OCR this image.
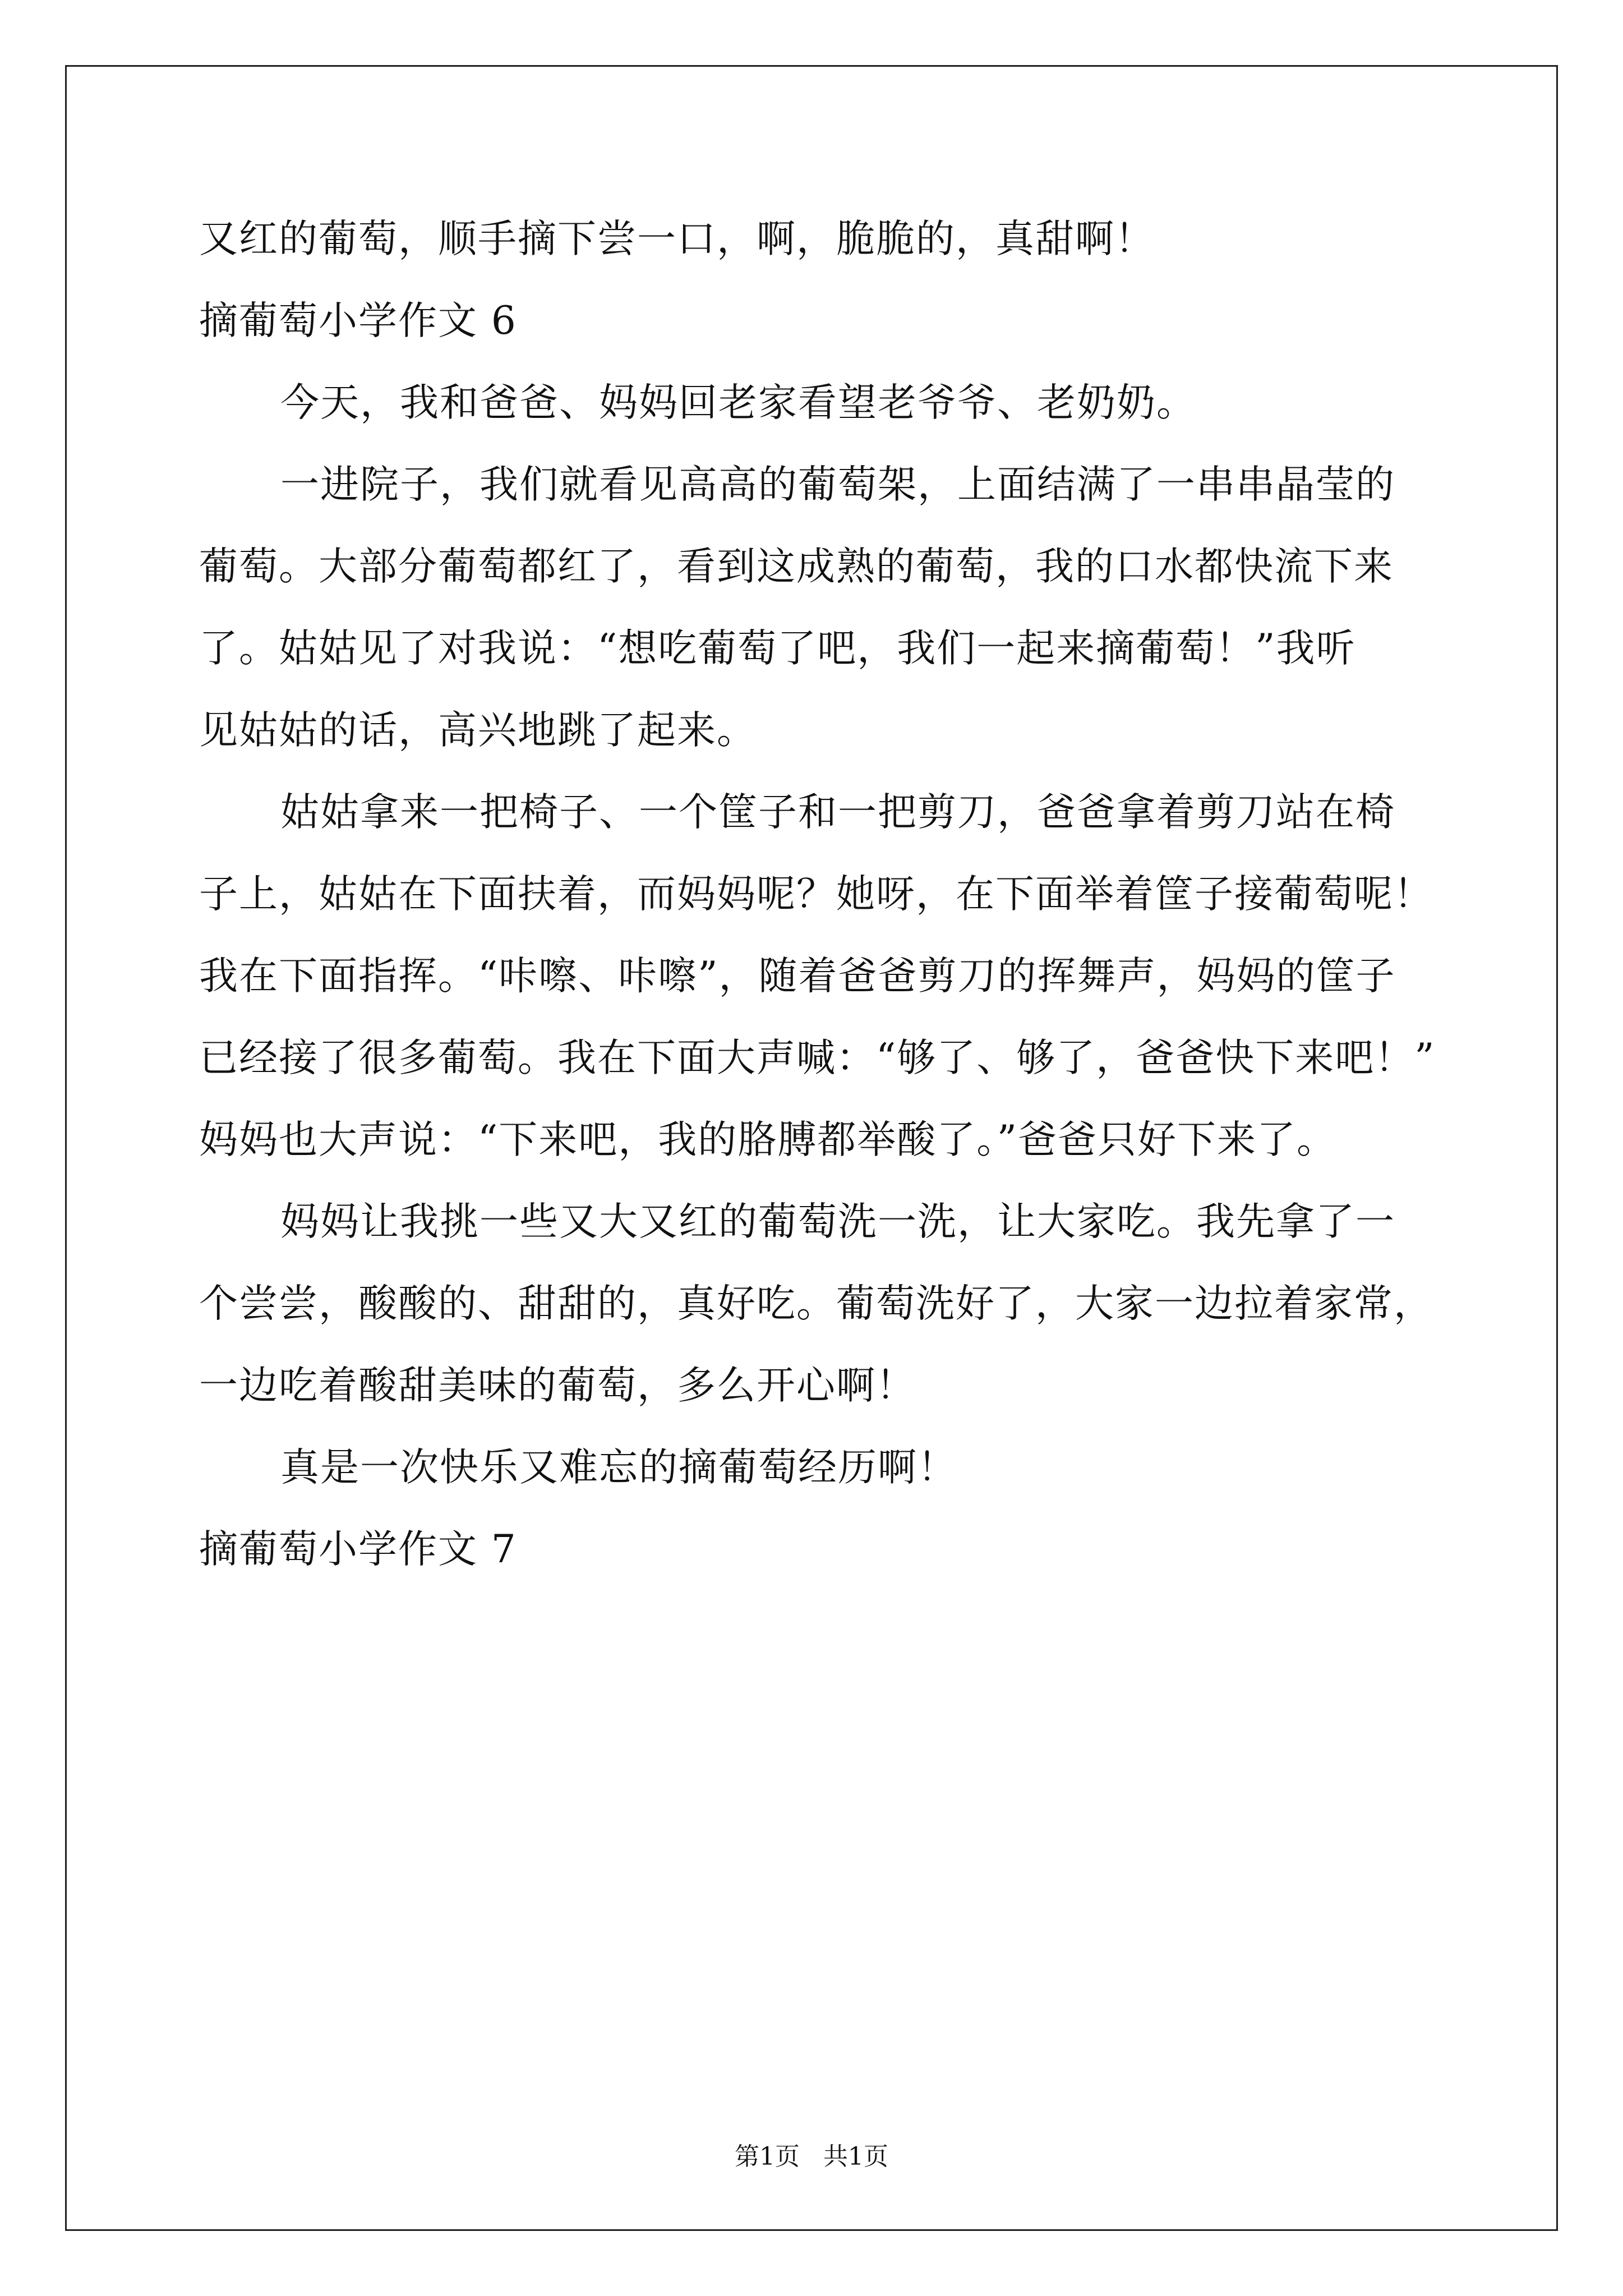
又红的葡萄，顺手摘下尝一口，啊，脆脆的，真甜啊！

摘葡萄小学作文 6

今天，我和爸爸、妈妈回老家看望老爷爷、老奶奶。

一进院子，我们就看见高高的葡萄架，上面结满了一串串晶莹的

葡萄。大部分葡萄都红了，看到这成熟的葡萄，我的口水都快流下来

了。姑姑见了对我说：“想吃葡萄了吧，我们一起来摘葡萄！”我听

见姑姑的话，高兴地跳了起来。

姑姑拿来一把椅子、一个筐子和一把剪刀，爸爸拿着剪刀站在椅

子上，姑姑在下面扶着，而妈妈呢？她呀，在下面举着筐子接葡萄呢！

我在下面指挥。“咔嚓、咔嚓”，随着爸爸剪刀的挥舞声，妈妈的筐子

已经接了很多葡萄。我在下面大声喊：“够了、够了，爸爸快下来吧！”

妈妈也大声说：“下来吧，我的胳膊都举酸了。”爸爸只好下来了。

妈妈让我挑一些又大又红的葡萄洗一洗，让大家吃。我先拿了一

个尝尝，酸酸的、甜甜的，真好吃。葡萄洗好了，大家一边拉着家常，

一边吃着酸甜美味的葡萄，多么开心啊！

真是一次快乐又难忘的摘葡萄经历啊！

摘葡萄小学作文 7

第1页   共1页
